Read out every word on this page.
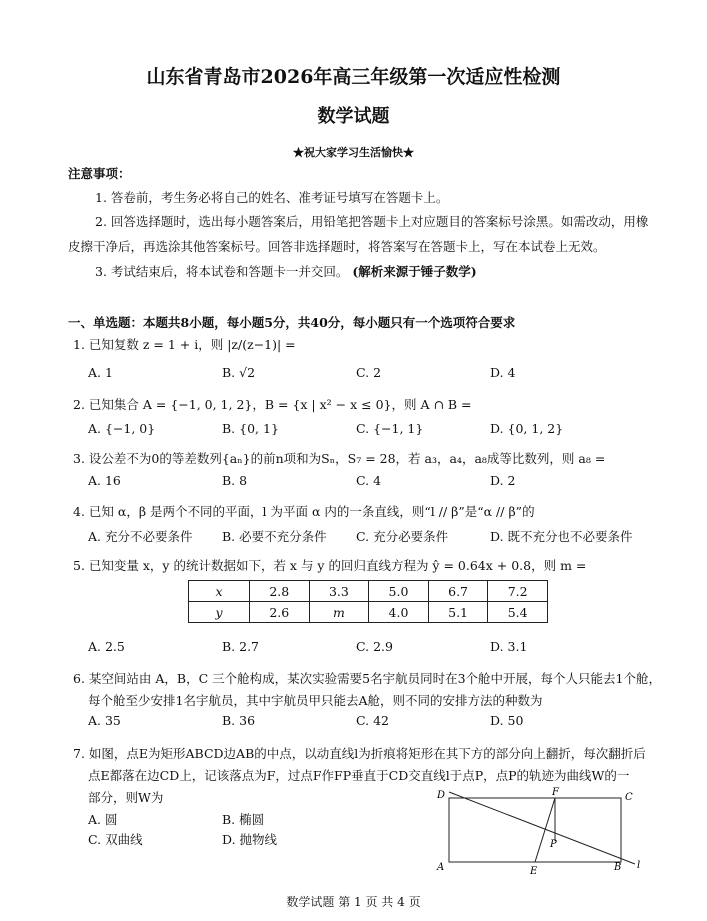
山东省青岛市2026年高三年级第一次适应性检测
数学试题
★祝大家学习生活愉快★
注意事项：
1. 答卷前，考生务必将自己的姓名、准考证号填写在答题卡上。
2. 回答选择题时，选出每小题答案后，用铅笔把答题卡上对应题目的答案标号涂黑。如需改动，用橡
皮擦干净后，再选涂其他答案标号。回答非选择题时，将答案写在答题卡上，写在本试卷上无效。
3. 考试结束后，将本试卷和答题卡一并交回。 (解析来源于锤子数学)
一、单选题：本题共8小题，每小题5分，共40分，每小题只有一个选项符合要求
1. 已知复数 z = 1 + i，则 |z/(z−1)| =
A. 1	B. √2	C. 2	D. 4
2. 已知集合 A = {−1, 0, 1, 2}，B = {x | x² − x ≤ 0}，则 A ∩ B =
A. {−1, 0}	B. {0, 1}	C. {−1, 1}	D. {0, 1, 2}
3. 设公差不为0的等差数列{aₙ}的前n项和为Sₙ，S₇ = 28，若 a₃，a₄，a₈成等比数列，则 a₈ =
A. 16	B. 8	C. 4	D. 2
4. 已知 α，β 是两个不同的平面，l 为平面 α 内的一条直线，则“l // β”是“α // β”的
A. 充分不必要条件 B. 必要不充分条件 C. 充分必要条件	D. 既不充分也不必要条件
5. 已知变量 x，y 的统计数据如下，若 x 与 y 的回归直线方程为 ŷ = 0.64x + 0.8，则 m =
x	2.8	3.3	5.0	6.7	7.2
y	2.6	m	4.0	5.1	5.4
A. 2.5	B. 2.7	C. 2.9	D. 3.1
6. 某空间站由 A，B，C 三个舱构成，某次实验需要5名宇航员同时在3个舱中开展，每个人只能去1个舱，
每个舱至少安排1名宇航员，其中宇航员甲只能去A舱，则不同的安排方法的种数为
A. 35	B. 36	C. 42	D. 50
7. 如图，点E为矩形ABCD边AB的中点，以动直线l为折痕将矩形在其下方的部分向上翻折，每次翻折后
点E都落在边CD上，记该落点为F，过点F作FP垂直于CD交直线l于点P，点P的轨迹为曲线W的一
部分，则W为
A. 圆	B. 椭圆
C. 双曲线	D. 抛物线
D	C
F
P
A	E	B l
数学试题 第 1 页 共 4 页
